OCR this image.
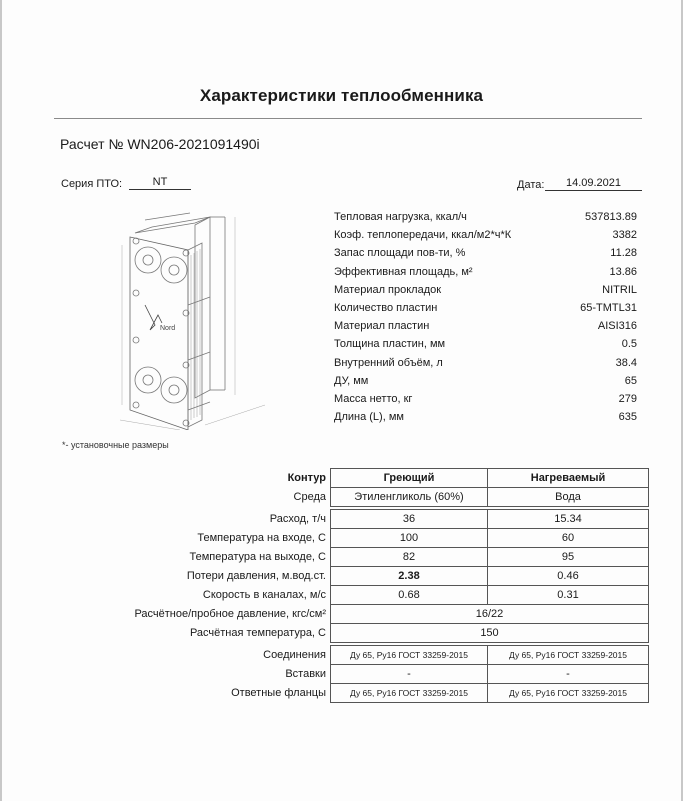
Характеристики теплообменника
Расчет № WN206-2021091490i
Серия ПТО:	NT	Дата:	14.09.2021
Nord
*- установочные размеры
Тепловая нагрузка, ккал/ч	537813.89
Коэф. теплопередачи, ккал/м2*ч*К	3382
Запас площади пов-ти, %	11.28
Эффективная площадь, м²	13.86
Материал прокладок	NITRIL
Количество пластин	65-TMTL31
Материал пластин	AISI316
Толщина пластин, мм	0.5
Внутренний объём, л	38.4
ДУ, мм	65
Масса нетто, кг	279
Длина (L), мм	635
Контур	Греющий	Нагреваемый
Среда	Этиленгликоль (60%)	Вода

Расход, т/ч	36	15.34
Температура на входе, С	100	60
Температура на выходе, С	82	95
Потери давления, м.вод.ст.	2.38	0.46
Скорость в каналах, м/с	0.68	0.31
Расчётное/пробное давление, кгс/см²	16/22	
Расчётная температура, С	150	

Соединения	Ду 65, Ру16 ГОСТ 33259-2015	Ду 65, Ру16 ГОСТ 33259-2015
Вставки	-	-
Ответные фланцы	Ду 65, Ру16 ГОСТ 33259-2015	Ду 65, Ру16 ГОСТ 33259-2015
